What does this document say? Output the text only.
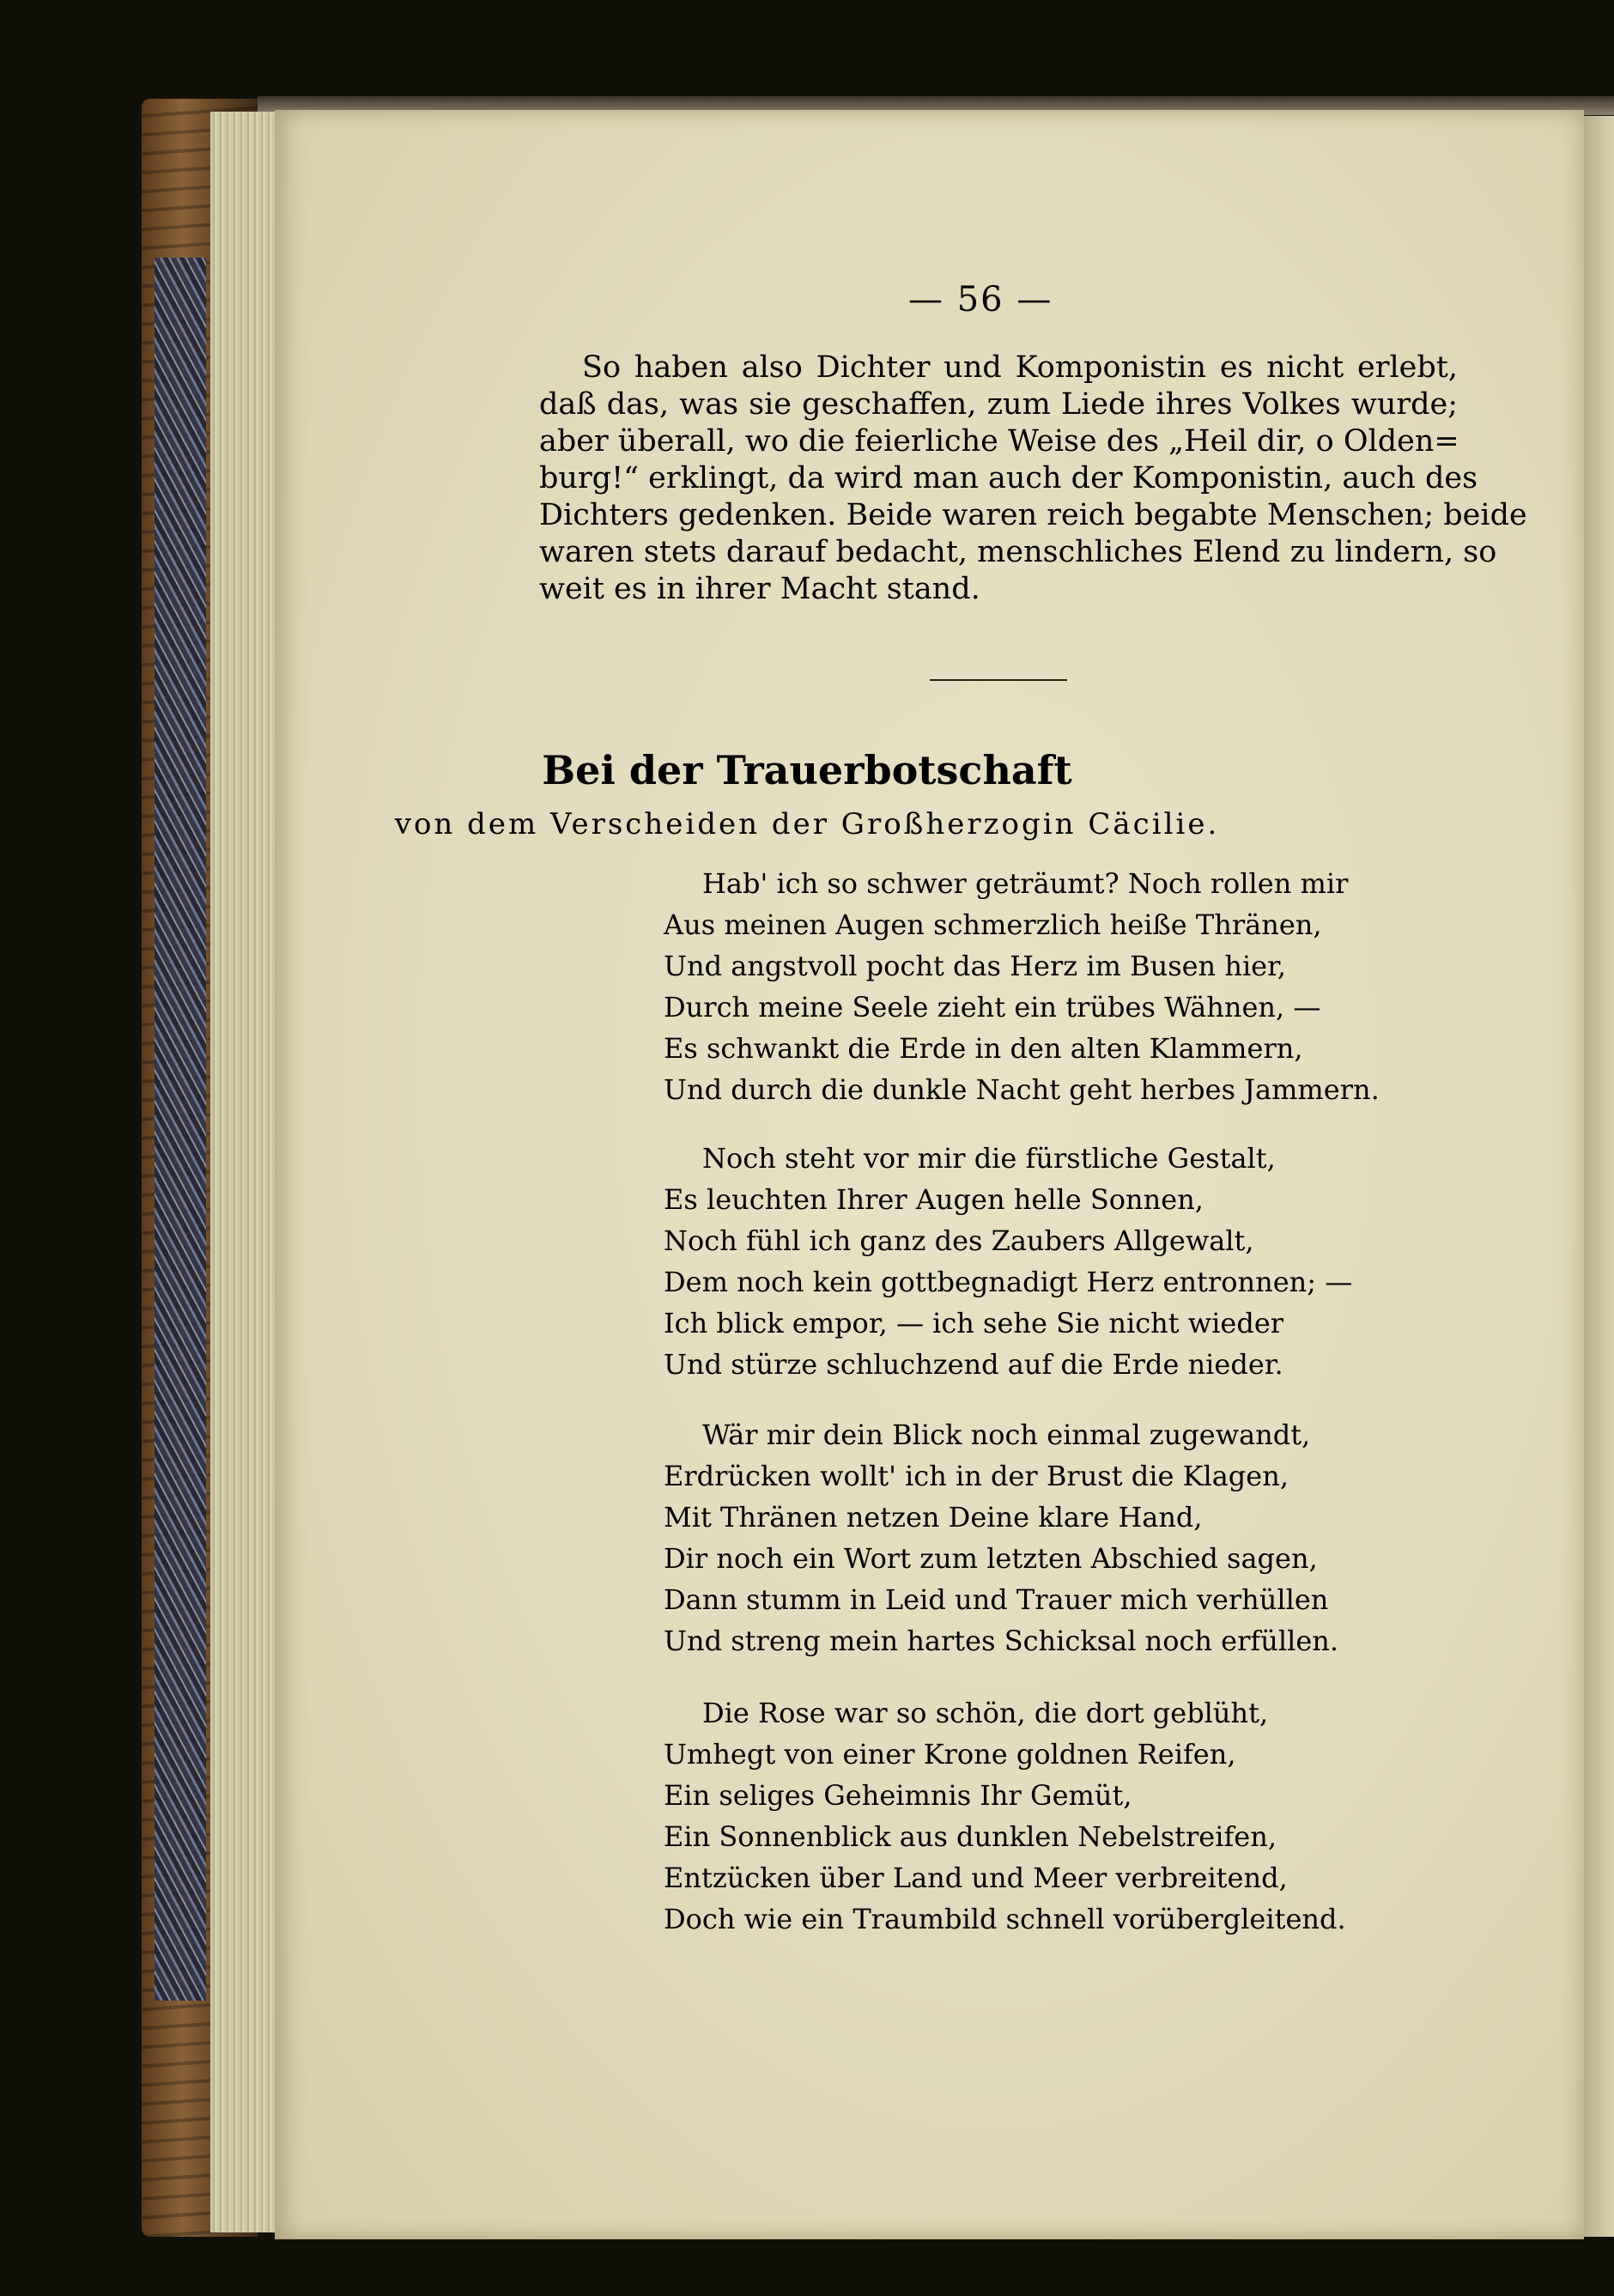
— 56 —
So haben also Dichter und Komponistin es nicht erlebt,
daß das, was sie geschaffen, zum Liede ihres Volkes wurde;
aber überall, wo die feierliche Weise des „Heil dir, o Olden=
burg!“ erklingt, da wird man auch der Komponistin, auch des
Dichters gedenken. Beide waren reich begabte Menschen; beide
waren stets darauf bedacht, menschliches Elend zu lindern, so
weit es in ihrer Macht stand.
Bei der Trauerbotschaft
von dem Verscheiden der Großherzogin Cäcilie.
Hab' ich so schwer geträumt? Noch rollen mir
Aus meinen Augen schmerzlich heiße Thränen,
Und angstvoll pocht das Herz im Busen hier,
Durch meine Seele zieht ein trübes Wähnen, —
Es schwankt die Erde in den alten Klammern,
Und durch die dunkle Nacht geht herbes Jammern.
Noch steht vor mir die fürstliche Gestalt,
Es leuchten Ihrer Augen helle Sonnen,
Noch fühl ich ganz des Zaubers Allgewalt,
Dem noch kein gottbegnadigt Herz entronnen; —
Ich blick empor, — ich sehe Sie nicht wieder
Und stürze schluchzend auf die Erde nieder.
Wär mir dein Blick noch einmal zugewandt,
Erdrücken wollt' ich in der Brust die Klagen,
Mit Thränen netzen Deine klare Hand,
Dir noch ein Wort zum letzten Abschied sagen,
Dann stumm in Leid und Trauer mich verhüllen
Und streng mein hartes Schicksal noch erfüllen.
Die Rose war so schön, die dort geblüht,
Umhegt von einer Krone goldnen Reifen,
Ein seliges Geheimnis Ihr Gemüt,
Ein Sonnenblick aus dunklen Nebelstreifen,
Entzücken über Land und Meer verbreitend,
Doch wie ein Traumbild schnell vorübergleitend.
